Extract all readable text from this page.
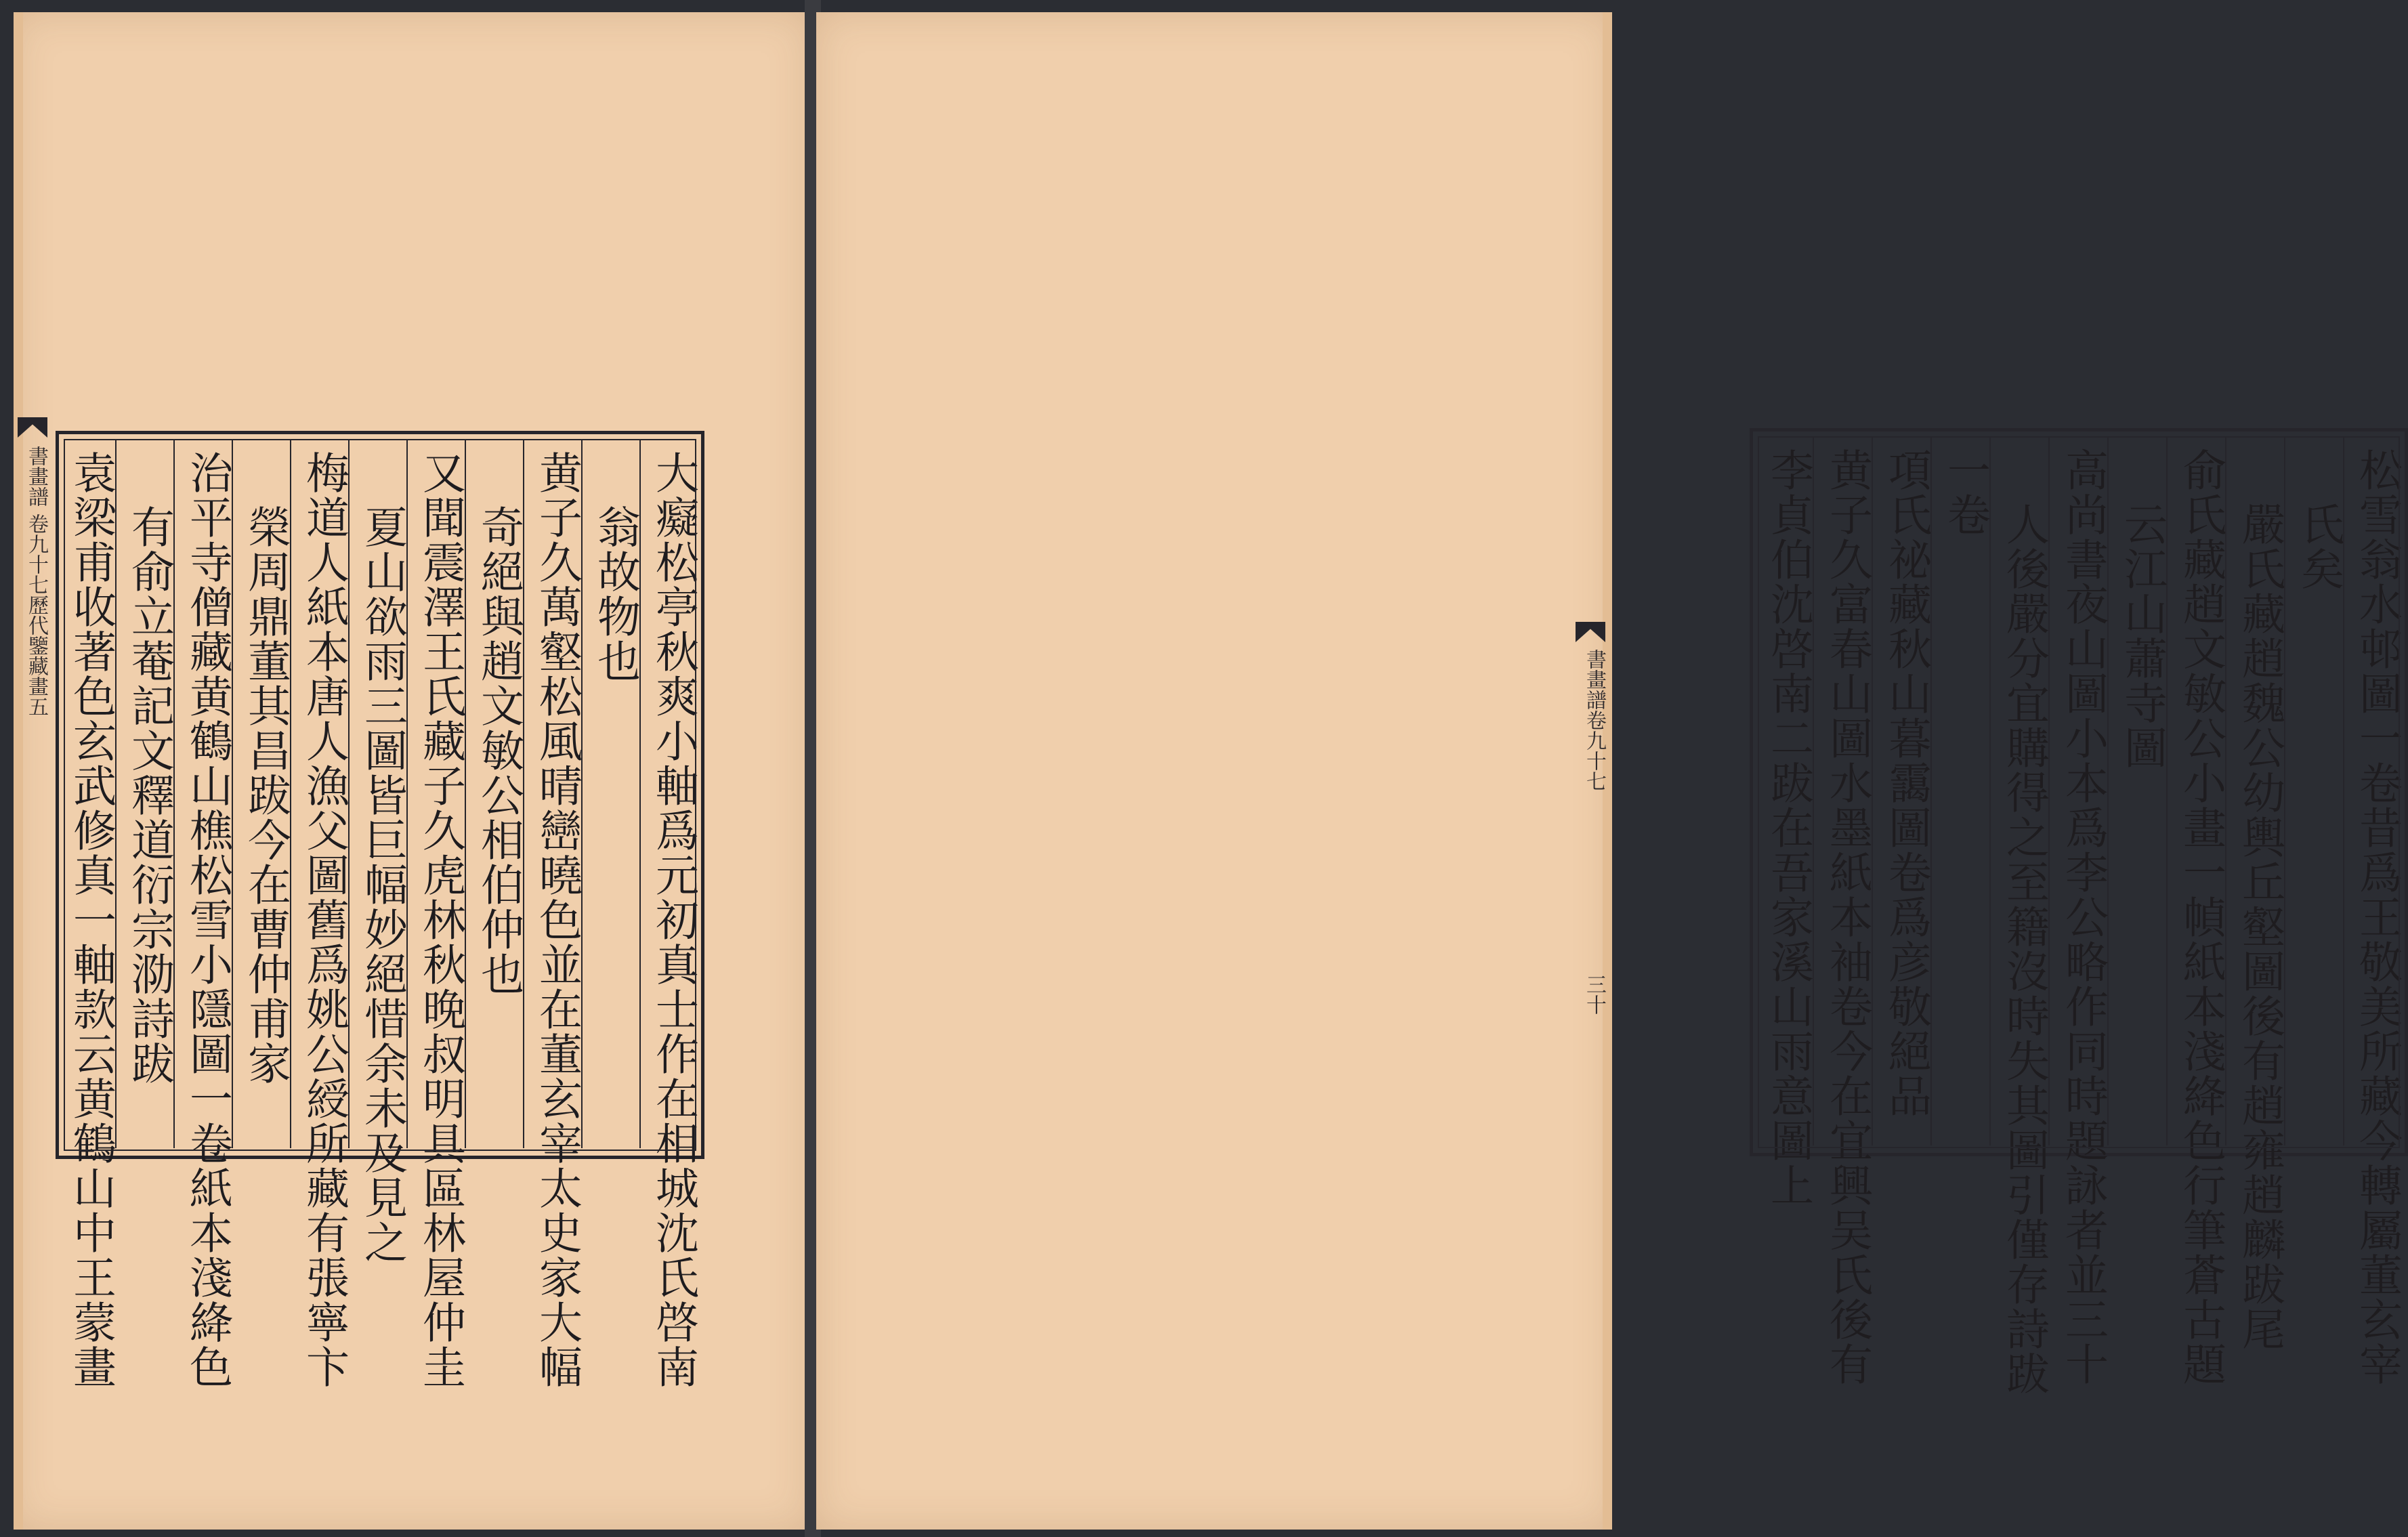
書畫譜
卷九十七歷代鑒藏畫五	大癡松亭秋爽小軸爲元初真士作在相城沈氏啓南
翁故物也
黄子久萬壑松風晴巒曉色並在董玄宰太史家大幅
奇絕與趙文敏公相伯仲也
又聞震澤王氏藏子久虎林秋晚叔明具區林屋仲圭
夏山欲雨三圖皆巨幅妙絕惜余未及見之
梅道人紙本唐人漁父圖舊爲姚公綬所藏有張寧卞
榮周鼎董其昌跋今在曹仲甫家
治平寺僧藏黄鶴山樵松雪小隱圖一卷紙本淺絳色
有俞立菴記文釋道衍宗泐詩跋
袁梁甫收著色玄武修真一軸款云黄鶴山中王蒙畫	書畫譜卷九十七
三十	松雪翁水邨圖一卷昔爲王敬美所藏今轉屬董玄宰
氏矣
嚴氏藏趙魏公幼輿丘壑圖後有趙雍趙麟跋尾
俞氏藏趙文敏公小畫一幀紙本淺絳色行筆蒼古題
云江山蕭寺圖
高尚書夜山圖小本爲李公略作同時題詠者並三十
人後嚴分宜購得之至籍沒時失其圖引僅存詩跋
一卷
項氏祕藏秋山暮靄圖卷爲彦敬絕品
黄子久富春山圖水墨紙本袖卷今在宜興吴氏後有
李貞伯沈啓南二跋在吾家溪山雨意圖上
